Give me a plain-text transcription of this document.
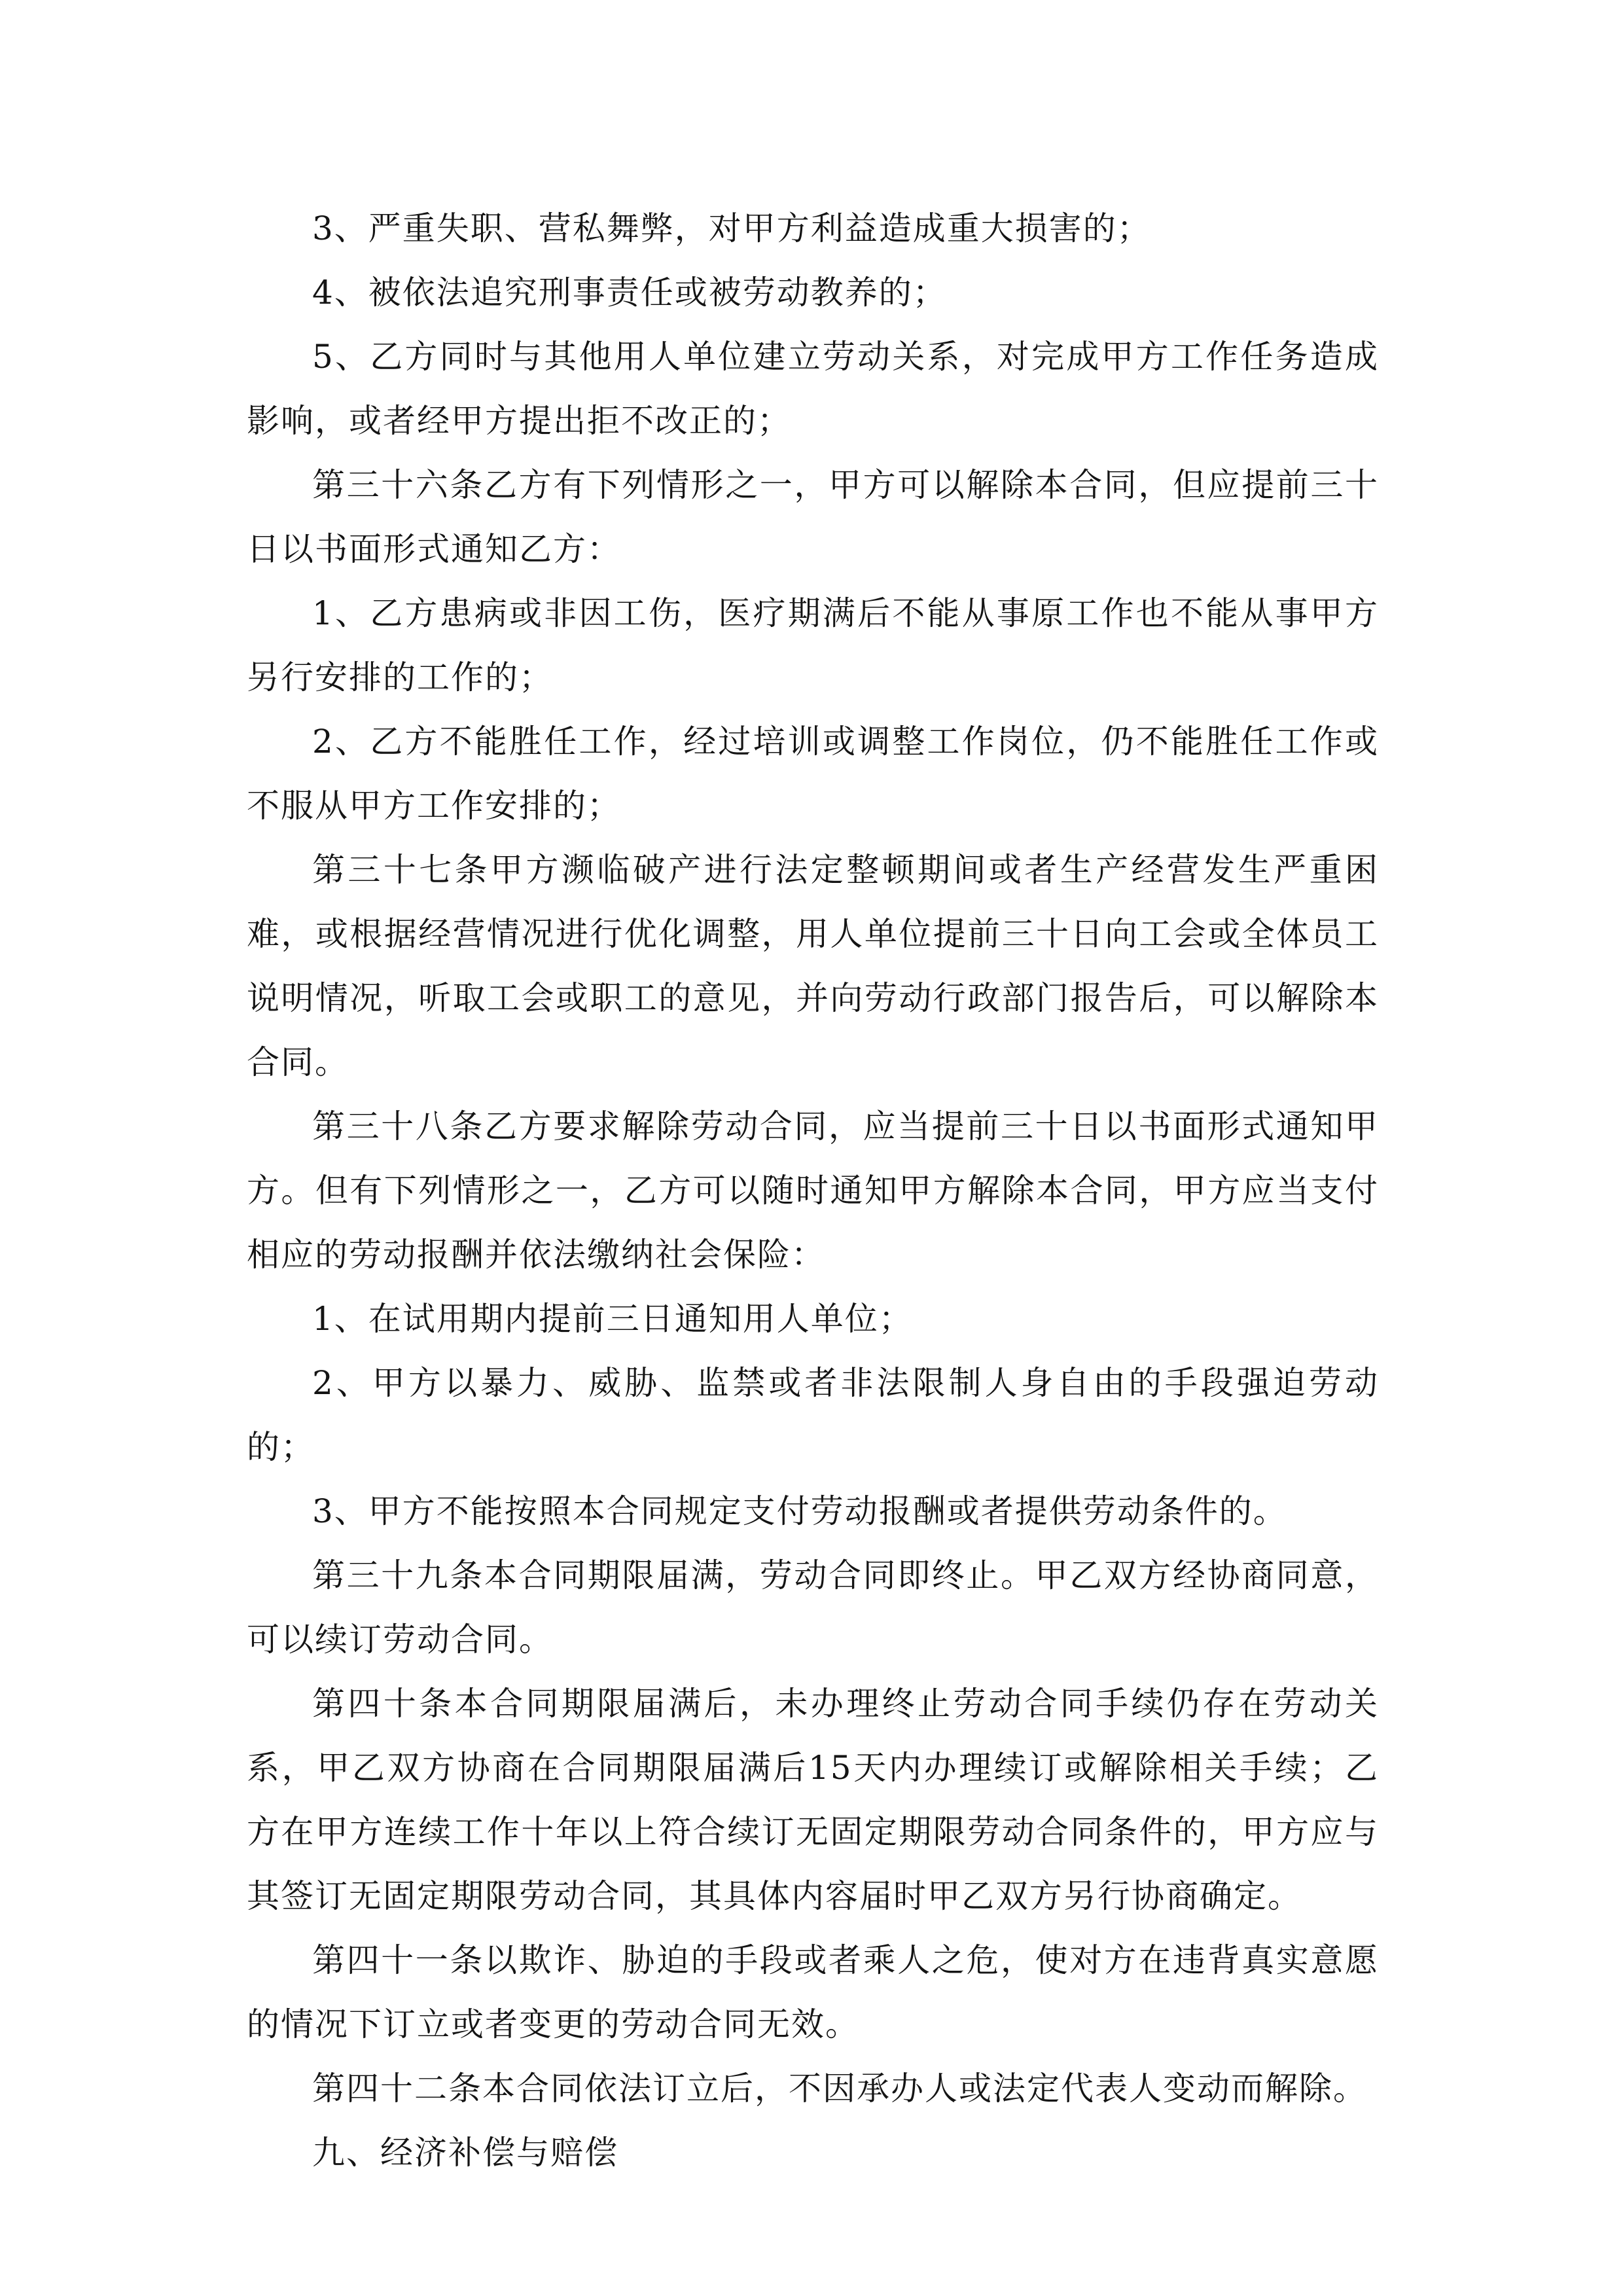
3、严重失职、营私舞弊，对甲方利益造成重大损害的；

4、被依法追究刑事责任或被劳动教养的；

5、乙方同时与其他用人单位建立劳动关系，对完成甲方工作任务造成影响，或者经甲方提出拒不改正的；

第三十六条乙方有下列情形之一，甲方可以解除本合同，但应提前三十日以书面形式通知乙方：

1、乙方患病或非因工伤，医疗期满后不能从事原工作也不能从事甲方另行安排的工作的；

2、乙方不能胜任工作，经过培训或调整工作岗位，仍不能胜任工作或不服从甲方工作安排的；

第三十七条甲方濒临破产进行法定整顿期间或者生产经营发生严重困难，或根据经营情况进行优化调整，用人单位提前三十日向工会或全体员工说明情况，听取工会或职工的意见，并向劳动行政部门报告后，可以解除本合同。

第三十八条乙方要求解除劳动合同，应当提前三十日以书面形式通知甲方。但有下列情形之一，乙方可以随时通知甲方解除本合同，甲方应当支付相应的劳动报酬并依法缴纳社会保险：

1、在试用期内提前三日通知用人单位；

2、甲方以暴力、威胁、监禁或者非法限制人身自由的手段强迫劳动的；

3、甲方不能按照本合同规定支付劳动报酬或者提供劳动条件的。

第三十九条本合同期限届满，劳动合同即终止。甲乙双方经协商同意，可以续订劳动合同。

第四十条本合同期限届满后，未办理终止劳动合同手续仍存在劳动关系，甲乙双方协商在合同期限届满后15天内办理续订或解除相关手续；乙方在甲方连续工作十年以上符合续订无固定期限劳动合同条件的，甲方应与其签订无固定期限劳动合同，其具体内容届时甲乙双方另行协商确定。

第四十一条以欺诈、胁迫的手段或者乘人之危，使对方在违背真实意愿的情况下订立或者变更的劳动合同无效。

第四十二条本合同依法订立后，不因承办人或法定代表人变动而解除。

九、经济补偿与赔偿
